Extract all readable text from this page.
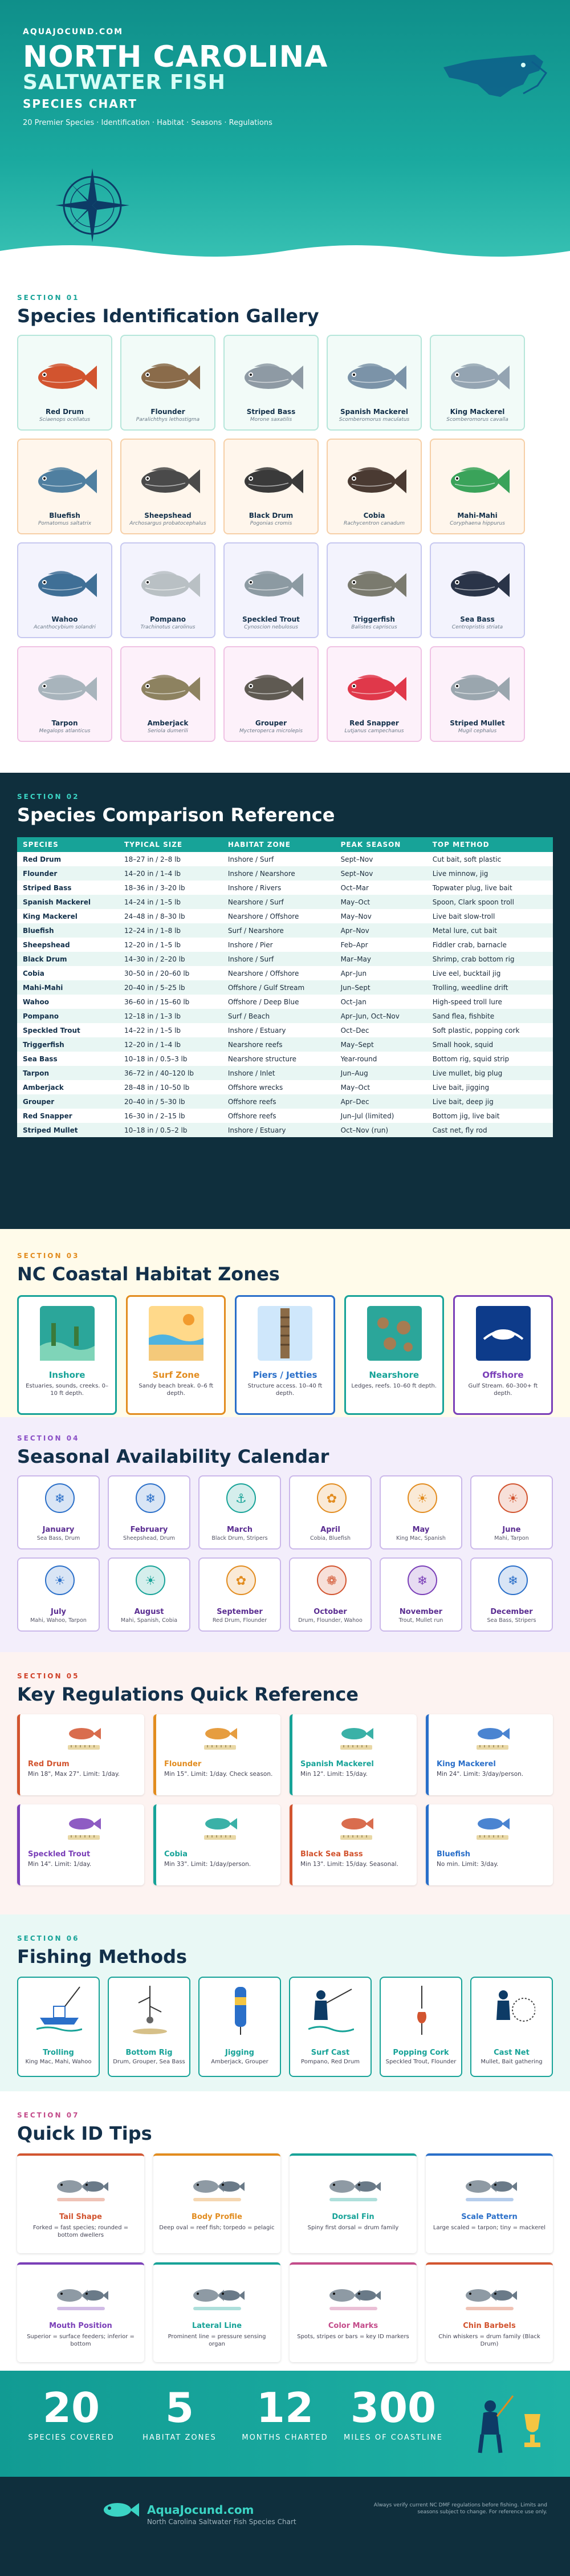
AQUAJOCUND.COM
NORTH CAROLINA
SALTWATER FISH
SPECIES CHART
20 Premier Species · Identification · Habitat · Seasons · Regulations
SECTION 01
Species Identification Gallery
Red Drum
Sciaenops ocellatus
Flounder
Paralichthys lethostigma
Striped Bass
Morone saxatilis
Spanish Mackerel
Scomberomorus maculatus
King Mackerel
Scomberomorus cavalla
Bluefish
Pomatomus saltatrix
Sheepshead
Archosargus probatocephalus
Black Drum
Pogonias cromis
Cobia
Rachycentron canadum
Mahi-Mahi
Coryphaena hippurus
Wahoo
Acanthocybium solandri
Pompano
Trachinotus carolinus
Speckled Trout
Cynoscion nebulosus
Triggerfish
Balistes capriscus
Sea Bass
Centropristis striata
Tarpon
Megalops atlanticus
Amberjack
Seriola dumerili
Grouper
Mycteroperca microlepis
Red Snapper
Lutjanus campechanus
Striped Mullet
Mugil cephalus
SECTION 02
Species Comparison Reference
SPECIES	TYPICAL SIZE	HABITAT ZONE	PEAK SEASON	TOP METHOD
Red Drum	18–27 in / 2–8 lb	Inshore / Surf	Sept–Nov	Cut bait, soft plastic
Flounder	14–20 in / 1–4 lb	Inshore / Nearshore	Sept–Nov	Live minnow, jig
Striped Bass	18–36 in / 3–20 lb	Inshore / Rivers	Oct–Mar	Topwater plug, live bait
Spanish Mackerel	14–24 in / 1–5 lb	Nearshore / Surf	May–Oct	Spoon, Clark spoon troll
King Mackerel	24–48 in / 8–30 lb	Nearshore / Offshore	May–Nov	Live bait slow-troll
Bluefish	12–24 in / 1–8 lb	Surf / Nearshore	Apr–Nov	Metal lure, cut bait
Sheepshead	12–20 in / 1–5 lb	Inshore / Pier	Feb–Apr	Fiddler crab, barnacle
Black Drum	14–30 in / 2–20 lb	Inshore / Surf	Mar–May	Shrimp, crab bottom rig
Cobia	30–50 in / 20–60 lb	Nearshore / Offshore	Apr–Jun	Live eel, bucktail jig
Mahi-Mahi	20–40 in / 5–25 lb	Offshore / Gulf Stream	Jun–Sept	Trolling, weedline drift
Wahoo	36–60 in / 15–60 lb	Offshore / Deep Blue	Oct–Jan	High-speed troll lure
Pompano	12–18 in / 1–3 lb	Surf / Beach	Apr–Jun, Oct–Nov	Sand flea, fishbite
Speckled Trout	14–22 in / 1–5 lb	Inshore / Estuary	Oct–Dec	Soft plastic, popping cork
Triggerfish	12–20 in / 1–4 lb	Nearshore reefs	May–Sept	Small hook, squid
Sea Bass	10–18 in / 0.5–3 lb	Nearshore structure	Year-round	Bottom rig, squid strip
Tarpon	36–72 in / 40–120 lb	Inshore / Inlet	Jun–Aug	Live mullet, big plug
Amberjack	28–48 in / 10–50 lb	Offshore wrecks	May–Oct	Live bait, jigging
Grouper	20–40 in / 5–30 lb	Offshore reefs	Apr–Dec	Live bait, deep jig
Red Snapper	16–30 in / 2–15 lb	Offshore reefs	Jun–Jul (limited)	Bottom jig, live bait
Striped Mullet	10–18 in / 0.5–2 lb	Inshore / Estuary	Oct–Nov (run)	Cast net, fly rod
SECTION 03
NC Coastal Habitat Zones
Inshore
Estuaries, sounds, creeks. 0–10 ft depth.
Surf Zone
Sandy beach break. 0–6 ft depth.
Piers / Jetties
Structure access. 10–40 ft depth.
Nearshore
Ledges, reefs. 10–60 ft depth.
Offshore
Gulf Stream. 60–300+ ft depth.
SECTION 04
Seasonal Availability Calendar
❄
January
Sea Bass, Drum
❄
February
Sheepshead, Drum
⚓
March
Black Drum, Stripers
✿
April
Cobia, Bluefish
☀
May
King Mac, Spanish
☀
June
Mahi, Tarpon
☀
July
Mahi, Wahoo, Tarpon
☀
August
Mahi, Spanish, Cobia
✿
September
Red Drum, Flounder
❁
October
Drum, Flounder, Wahoo
❄
November
Trout, Mullet run
❄
December
Sea Bass, Stripers
SECTION 05
Key Regulations Quick Reference
Red Drum
Min 18", Max 27". Limit: 1/day.
Flounder
Min 15". Limit: 1/day. Check season.
Spanish Mackerel
Min 12". Limit: 15/day.
King Mackerel
Min 24". Limit: 3/day/person.
Speckled Trout
Min 14". Limit: 1/day.
Cobia
Min 33". Limit: 1/day/person.
Black Sea Bass
Min 13". Limit: 15/day. Seasonal.
Bluefish
No min. Limit: 3/day.
SECTION 06
Fishing Methods
Trolling
King Mac, Mahi, Wahoo
Bottom Rig
Drum, Grouper, Sea Bass
Jigging
Amberjack, Grouper
Surf Cast
Pompano, Red Drum
Popping Cork
Speckled Trout, Flounder
Cast Net
Mullet, Bait gathering
SECTION 07
Quick ID Tips
Tail Shape
Forked = fast species; rounded = bottom dwellers
Body Profile
Deep oval = reef fish; torpedo = pelagic
Dorsal Fin
Spiny first dorsal = drum family
Scale Pattern
Large scaled = tarpon; tiny = mackerel
Mouth Position
Superior = surface feeders; inferior = bottom
Lateral Line
Prominent line = pressure sensing organ
Color Marks
Spots, stripes or bars = key ID markers
Chin Barbels
Chin whiskers = drum family (Black Drum)
20
SPECIES COVERED
5
HABITAT ZONES
12
MONTHS CHARTED
300
MILES OF COASTLINE
AquaJocund.com
North Carolina Saltwater Fish Species Chart
Always verify current NC DMF regulations before fishing. Limits and seasons subject to change. For reference use only.
